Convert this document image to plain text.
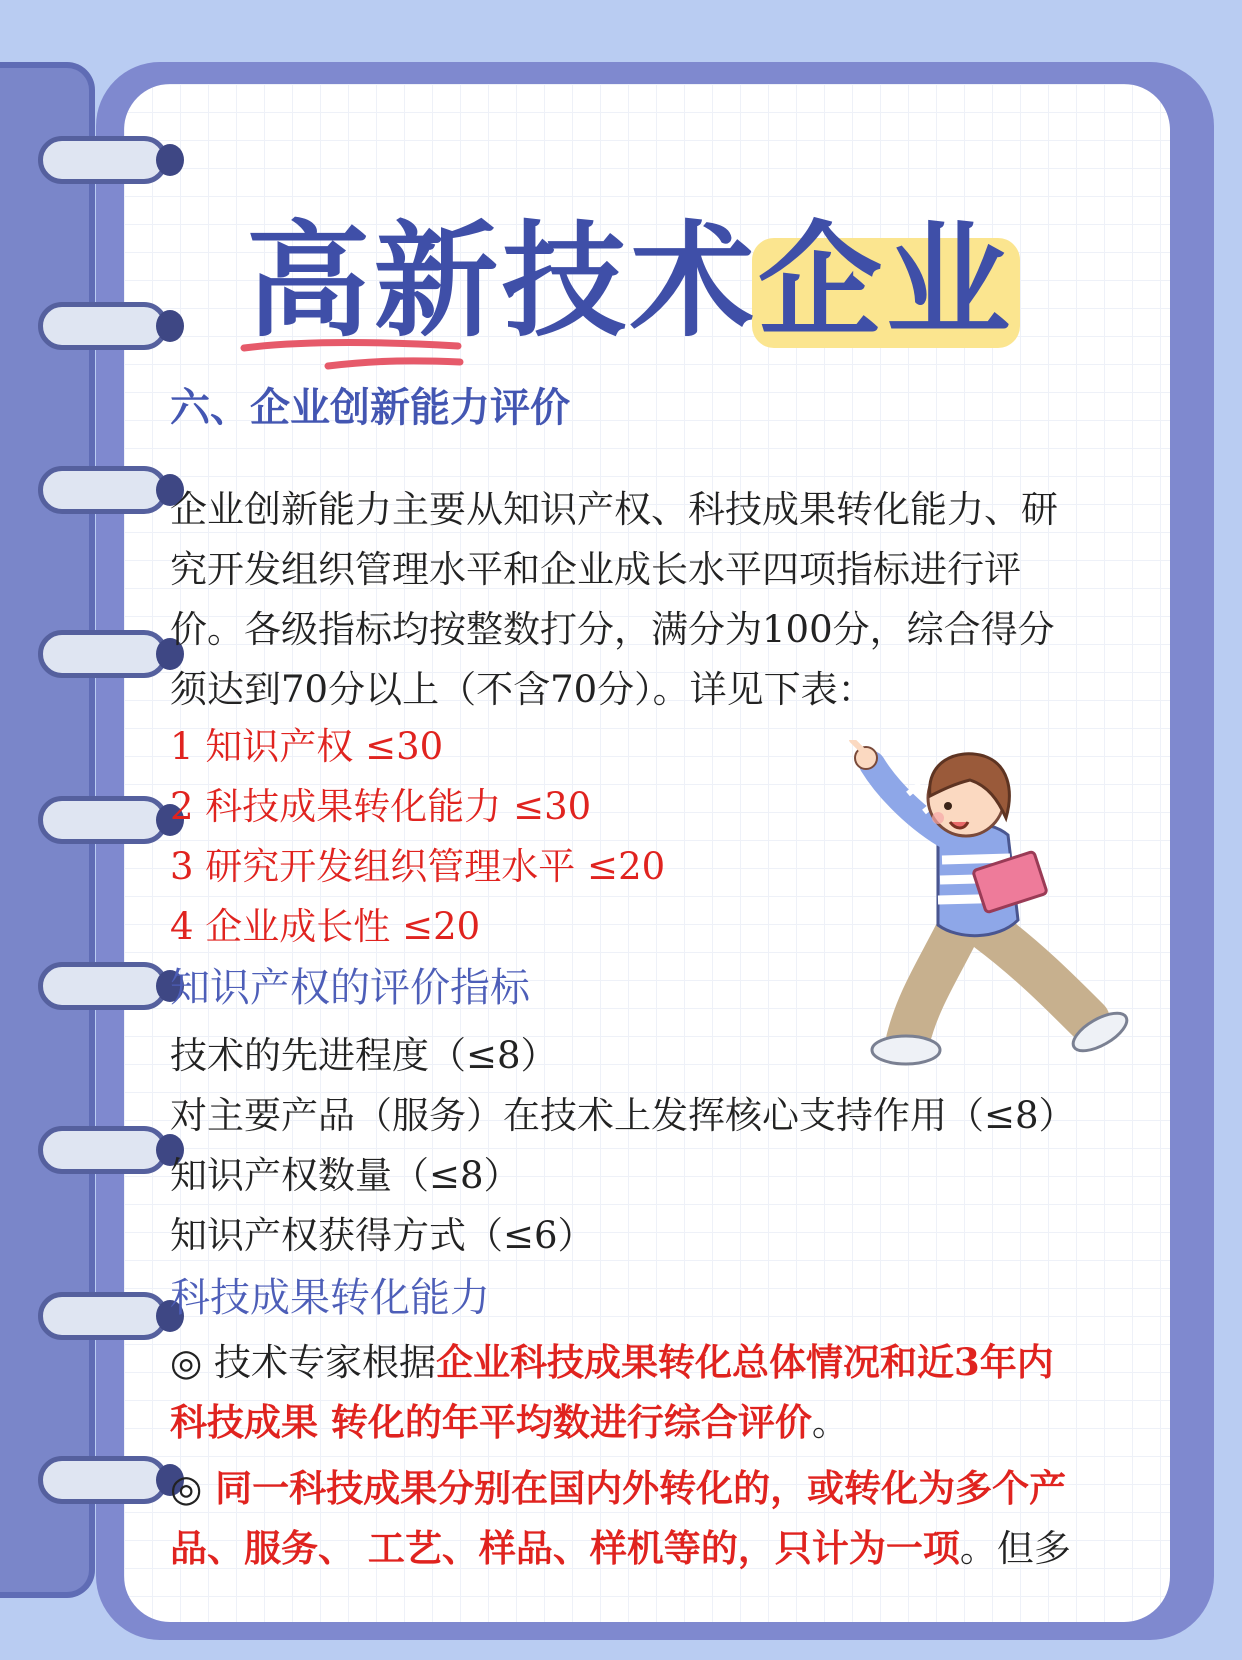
高新技术企业

六、企业创新能力评价

企业创新能力主要从知识产权、科技成果转化能力、研

究开发组织管理水平和企业成长水平四项指标进行评

价。各级指标均按整数打分，满分为100分，综合得分

须达到70分以上（不含70分）。详见下表：

1 知识产权 ≤30

2 科技成果转化能力 ≤30

3 研究开发组织管理水平 ≤20

4 企业成长性 ≤20

知识产权的评价指标

技术的先进程度（≤8）

对主要产品（服务）在技术上发挥核心支持作用（≤8）

知识产权数量（≤8）

知识产权获得方式（≤6）

科技成果转化能力

◎ 技术专家根据企业科技成果转化总体情况和近3年内

科技成果 转化的年平均数进行综合评价。

◎ 同一科技成果分别在国内外转化的，或转化为多个产

品、服务、 工艺、样品、样机等的，只计为一项。但多
